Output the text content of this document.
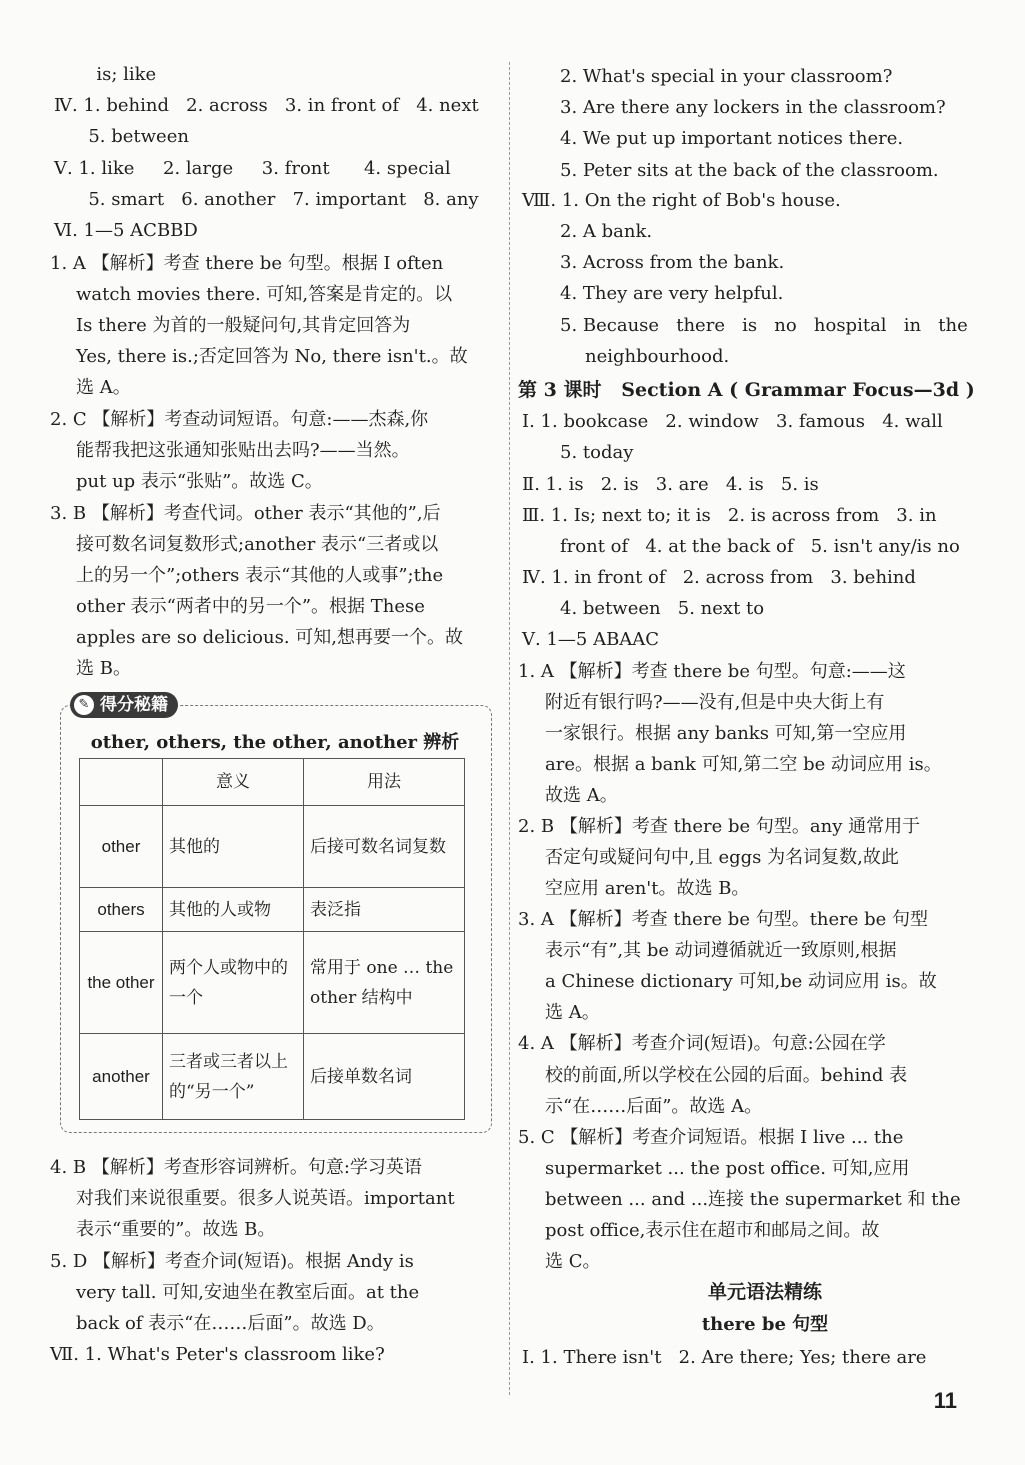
第 3 课时   Section A ( Grammar Focus—3d )
单元语法精练
there be 句型
✎ 得分秘籍
other, others, the other, another 辨析
	意义	用法
other	其他的	后接可数名词复数
others	其他的人或物	表泛指
the other	两个人或物中的一个	常用于 one … the other 结构中
another	三者或三者以上的“另一个”	后接单数名词
11
is; like
Ⅳ. 1. behind   2. across   3. in front of   4. next
5. between
Ⅴ. 1. like     2. large     3. front      4. special
5. smart   6. another   7. important   8. any
Ⅵ. 1—5 ACBBD
1. A 【解析】考查 there be 句型。根据 I often
watch movies there. 可知,答案是肯定的。以
Is there 为首的一般疑问句,其肯定回答为
Yes, there is.;否定回答为 No, there isn't.。故
选 A。
2. C 【解析】考查动词短语。句意:——杰森,你
能帮我把这张通知张贴出去吗?——当然。
put up 表示“张贴”。故选 C。
3. B 【解析】考查代词。other 表示“其他的”,后
接可数名词复数形式;another 表示“三者或以
上的另一个”;others 表示“其他的人或事”;the
other 表示“两者中的另一个”。根据 These
apples are so delicious. 可知,想再要一个。故
选 B。
4. B 【解析】考查形容词辨析。句意:学习英语
对我们来说很重要。很多人说英语。important
表示“重要的”。故选 B。
5. D 【解析】考查介词(短语)。根据 Andy is
very tall. 可知,安迪坐在教室后面。at the
back of 表示“在……后面”。故选 D。
Ⅶ. 1. What's Peter's classroom like?
2. What's special in your classroom?
3. Are there any lockers in the classroom?
4. We put up important notices there.
5. Peter sits at the back of the classroom.
Ⅷ. 1. On the right of Bob's house.
2. A bank.
3. Across from the bank.
4. They are very helpful.
5. Because   there   is   no   hospital   in   the
neighbourhood.
Ⅰ. 1. bookcase   2. window   3. famous   4. wall
5. today
Ⅱ. 1. is   2. is   3. are   4. is   5. is
Ⅲ. 1. Is; next to; it is   2. is across from   3. in
front of   4. at the back of   5. isn't any/is no
Ⅳ. 1. in front of   2. across from   3. behind
4. between   5. next to
Ⅴ. 1—5 ABAAC
1. A 【解析】考查 there be 句型。句意:——这
附近有银行吗?——没有,但是中央大街上有
一家银行。根据 any banks 可知,第一空应用
are。根据 a bank 可知,第二空 be 动词应用 is。
故选 A。
2. B 【解析】考查 there be 句型。any 通常用于
否定句或疑问句中,且 eggs 为名词复数,故此
空应用 aren't。故选 B。
3. A 【解析】考查 there be 句型。there be 句型
表示“有”,其 be 动词遵循就近一致原则,根据
a Chinese dictionary 可知,be 动词应用 is。故
选 A。
4. A 【解析】考查介词(短语)。句意:公园在学
校的前面,所以学校在公园的后面。behind 表
示“在……后面”。故选 A。
5. C 【解析】考查介词短语。根据 I live ... the
supermarket ... the post office. 可知,应用
between ... and ...连接 the supermarket 和 the
post office,表示住在超市和邮局之间。故
选 C。
Ⅰ. 1. There isn't   2. Are there; Yes; there are
